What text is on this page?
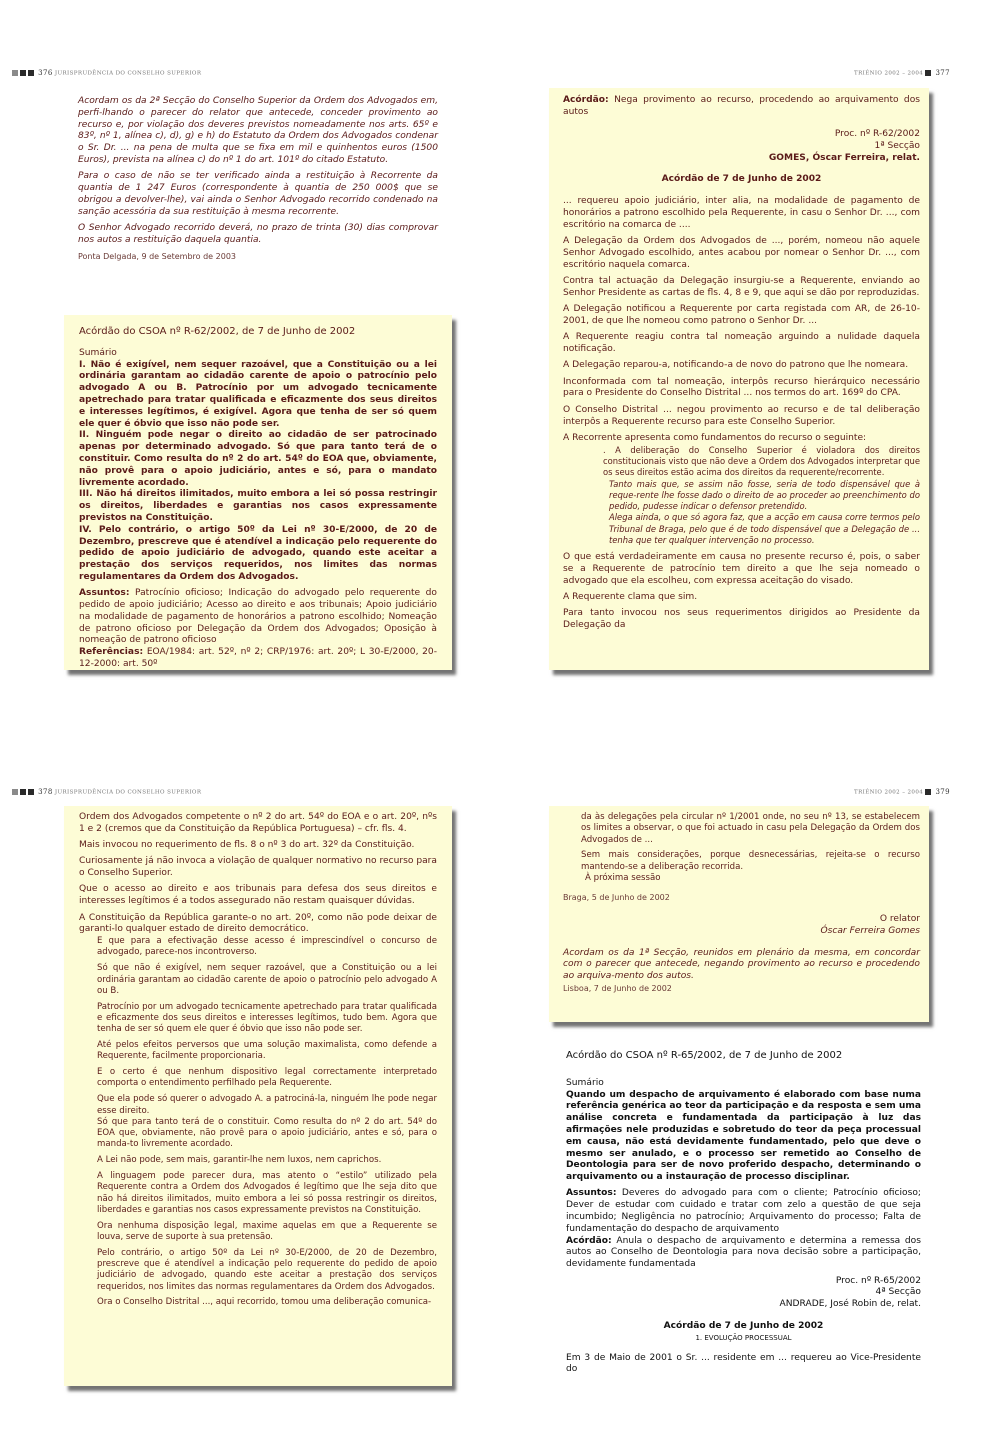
376 JURISPRUDÊNCIA DO CONSELHO SUPERIOR	TRIÉNIO 2002 – 2004 377
378 JURISPRUDÊNCIA DO CONSELHO SUPERIOR	TRIÉNIO 2002 – 2004 379

Acordam os da 2ª Secção do Conselho Superior da Ordem dos Advogados em, perfi-lhando o parecer do relator que antecede, conceder provimento ao recurso e, por violação dos deveres previstos nomeadamente nos arts. 65º e 83º, nº 1, alínea c), d), g) e h) do Estatuto da Ordem dos Advogados condenar o Sr. Dr. ... na pena de multa que se fixa em mil e quinhentos euros (1500 Euros), prevista na alínea c) do nº 1 do art. 101º do citado Estatuto.

Para o caso de não se ter verificado ainda a restituição à Recorrente da quantia de 1 247 Euros (correspondente à quantia de 250 000$ que se obrigou a devolver-lhe), vai ainda o Senhor Advogado recorrido condenado na sanção acessória da sua restituição à mesma recorrente.

O Senhor Advogado recorrido deverá, no prazo de trinta (30) dias comprovar nos autos a restituição daquela quantia.

Ponta Delgada, 9 de Setembro de 2003

Acórdão do CSOA nº R-62/2002, de 7 de Junho de 2002

Sumário

I. Não é exigível, nem sequer razoável, que a Constituição ou a lei ordinária garantam ao cidadão carente de apoio o patrocínio pelo advogado A ou B. Patrocínio por um advogado tecnicamente apetrechado para tratar qualificada e eficazmente dos seus direitos e interesses legítimos, é exigível. Agora que tenha de ser só quem ele quer é óbvio que isso não pode ser.

II. Ninguém pode negar o direito ao cidadão de ser patrocinado apenas por determinado advogado. Só que para tanto terá de o constituir. Como resulta do nº 2 do art. 54º do EOA que, obviamente, não provê para o apoio judiciário, antes e só, para o mandato livremente acordado.

III. Não há direitos ilimitados, muito embora a lei só possa restringir os direitos, liberdades e garantias nos casos expressamente previstos na Constituição.

IV. Pelo contrário, o artigo 50º da Lei nº 30-E/2000, de 20 de Dezembro, prescreve que é atendível a indicação pelo requerente do pedido de apoio judiciário de advogado, quando este aceitar a prestação dos serviços requeridos, nos limites das normas regulamentares da Ordem dos Advogados.

Assuntos: Patrocínio oficioso; Indicação do advogado pelo requerente do pedido de apoio judiciário; Acesso ao direito e aos tribunais; Apoio judiciário na modalidade de pagamento de honorários a patrono escolhido; Nomeação de patrono oficioso por Delegação da Ordem dos Advogados; Oposição à nomeação de patrono oficioso

Referências: EOA/1984: art. 52º, nº 2; CRP/1976: art. 20º; L 30-E/2000, 20-12-2000: art. 50º

Acórdão: Nega provimento ao recurso, procedendo ao arquivamento dos autos

Proc. nº R-62/2002

1ª Secção

GOMES, Óscar Ferreira, relat.

Acórdão de 7 de Junho de 2002

... requereu apoio judiciário, inter alia, na modalidade de pagamento de honorários a patrono escolhido pela Requerente, in casu o Senhor Dr. ..., com escritório na comarca de ....

A Delegação da Ordem dos Advogados de ..., porém, nomeou não aquele Senhor Advogado escolhido, antes acabou por nomear o Senhor Dr. ..., com escritório naquela comarca.

Contra tal actuação da Delegação insurgiu-se a Requerente, enviando ao Senhor Presidente as cartas de fls. 4, 8 e 9, que aqui se dão por reproduzidas.

A Delegação notificou a Requerente por carta registada com AR, de 26-10-2001, de que lhe nomeou como patrono o Senhor Dr. ...

A Requerente reagiu contra tal nomeação arguindo a nulidade daquela notificação.

A Delegação reparou-a, notificando-a de novo do patrono que lhe nomeara.

Inconformada com tal nomeação, interpôs recurso hierárquico necessário para o Presidente do Conselho Distrital ... nos termos do art. 169º do CPA.

O Conselho Distrital ... negou provimento ao recurso e de tal deliberação interpôs a Requerente recurso para este Conselho Superior.

A Recorrente apresenta como fundamentos do recurso o seguinte:

. A deliberação do Conselho Superior é violadora dos direitos constitucionais visto que não deve a Ordem dos Advogados interpretar que os seus direitos estão acima dos direitos da requerente/recorrente.

Tanto mais que, se assim não fosse, seria de todo dispensável que à reque-rente lhe fosse dado o direito de ao proceder ao preenchimento do pedido, pudesse indicar o defensor pretendido.

Alega ainda, o que só agora faz, que a acção em causa corre termos pelo Tribunal de Braga, pelo que é de todo dispensável que a Delegação de ... tenha que ter qualquer intervenção no processo.

O que está verdadeiramente em causa no presente recurso é, pois, o saber se a Requerente de patrocínio tem direito a que lhe seja nomeado o advogado que ela escolheu, com expressa aceitação do visado.

A Requerente clama que sim.

Para tanto invocou nos seus requerimentos dirigidos ao Presidente da Delegação da

Ordem dos Advogados competente o nº 2 do art. 54º do EOA e o art. 20º, nºs 1 e 2 (cremos que da Constituição da República Portuguesa) – cfr. fls. 4.

Mais invocou no requerimento de fls. 8 o nº 3 do art. 32º da Constituição.

Curiosamente já não invoca a violação de qualquer normativo no recurso para o Conselho Superior.

Que o acesso ao direito e aos tribunais para defesa dos seus direitos e interesses legítimos é a todos assegurado não restam quaisquer dúvidas.

A Constituição da República garante-o no art. 20º, como não pode deixar de garanti-lo qualquer estado de direito democrático.

E que para a efectivação desse acesso é imprescindível o concurso de advogado, parece-nos incontroverso.

Só que não é exigível, nem sequer razoável, que a Constituição ou a lei ordinária garantam ao cidadão carente de apoio o patrocínio pelo advogado A ou B.

Patrocínio por um advogado tecnicamente apetrechado para tratar qualificada e eficazmente dos seus direitos e interesses legítimos, tudo bem. Agora que tenha de ser só quem ele quer é óbvio que isso não pode ser.

Até pelos efeitos perversos que uma solução maximalista, como defende a Requerente, facilmente proporcionaria.

E o certo é que nenhum dispositivo legal correctamente interpretado comporta o entendimento perfilhado pela Requerente.

Que ela pode só querer o advogado A. a patrociná-la, ninguém lhe pode negar esse direito.

Só que para tanto terá de o constituir. Como resulta do nº 2 do art. 54º do EOA que, obviamente, não provê para o apoio judiciário, antes e só, para o manda-to livremente acordado.

A Lei não pode, sem mais, garantir-lhe nem luxos, nem caprichos.

A linguagem pode parecer dura, mas atento o “estilo” utilizado pela Requerente contra a Ordem dos Advogados é legítimo que lhe seja dito que não há direitos ilimitados, muito embora a lei só possa restringir os direitos, liberdades e garantias nos casos expressamente previstos na Constituição.

Ora nenhuma disposição legal, maxime aquelas em que a Requerente se louva, serve de suporte à sua pretensão.

Pelo contrário, o artigo 50º da Lei nº 30-E/2000, de 20 de Dezembro, prescreve que é atendível a indicação pelo requerente do pedido de apoio judiciário de advogado, quando este aceitar a prestação dos serviços requeridos, nos limites das normas regulamentares da Ordem dos Advogados.

Ora o Conselho Distrital ..., aqui recorrido, tomou uma deliberação comunica-

da às delegações pela circular nº 1/2001 onde, no seu nº 13, se estabelecem os limites a observar, o que foi actuado in casu pela Delegação da Ordem dos Advogados de ...

Sem mais considerações, porque desnecessárias, rejeita-se o recurso mantendo-se a deliberação recorrida.

À próxima sessão

Braga, 5 de Junho de 2002

O relator

Óscar Ferreira Gomes

Acordam os da 1ª Secção, reunidos em plenário da mesma, em concordar com o parecer que antecede, negando provimento ao recurso e procedendo ao arquiva-mento dos autos.

Lisboa, 7 de Junho de 2002

Acórdão do CSOA nº R-65/2002, de 7 de Junho de 2002

Sumário

Quando um despacho de arquivamento é elaborado com base numa referência genérica ao teor da participação e da resposta e sem uma análise concreta e fundamentada da participação à luz das afirmações nele produzidas e sobretudo do teor da peça processual em causa, não está devidamente fundamentado, pelo que deve o mesmo ser anulado, e o processo ser remetido ao Conselho de Deontologia para ser de novo proferido despacho, determinando o arquivamento ou a instauração de processo disciplinar.

Assuntos: Deveres do advogado para com o cliente; Patrocínio oficioso; Dever de estudar com cuidado e tratar com zelo a questão de que seja incumbido; Negligência no patrocínio; Arquivamento do processo; Falta de fundamentação do despacho de arquivamento

Acórdão: Anula o despacho de arquivamento e determina a remessa dos autos ao Conselho de Deontologia para nova decisão sobre a participação, devidamente fundamentada

Proc. nº R-65/2002

4ª Secção

ANDRADE, José Robin de, relat.

Acórdão de 7 de Junho de 2002

1. EVOLUÇÃO PROCESSUAL

Em 3 de Maio de 2001 o Sr. ... residente em ... requereu ao Vice-Presidente do
